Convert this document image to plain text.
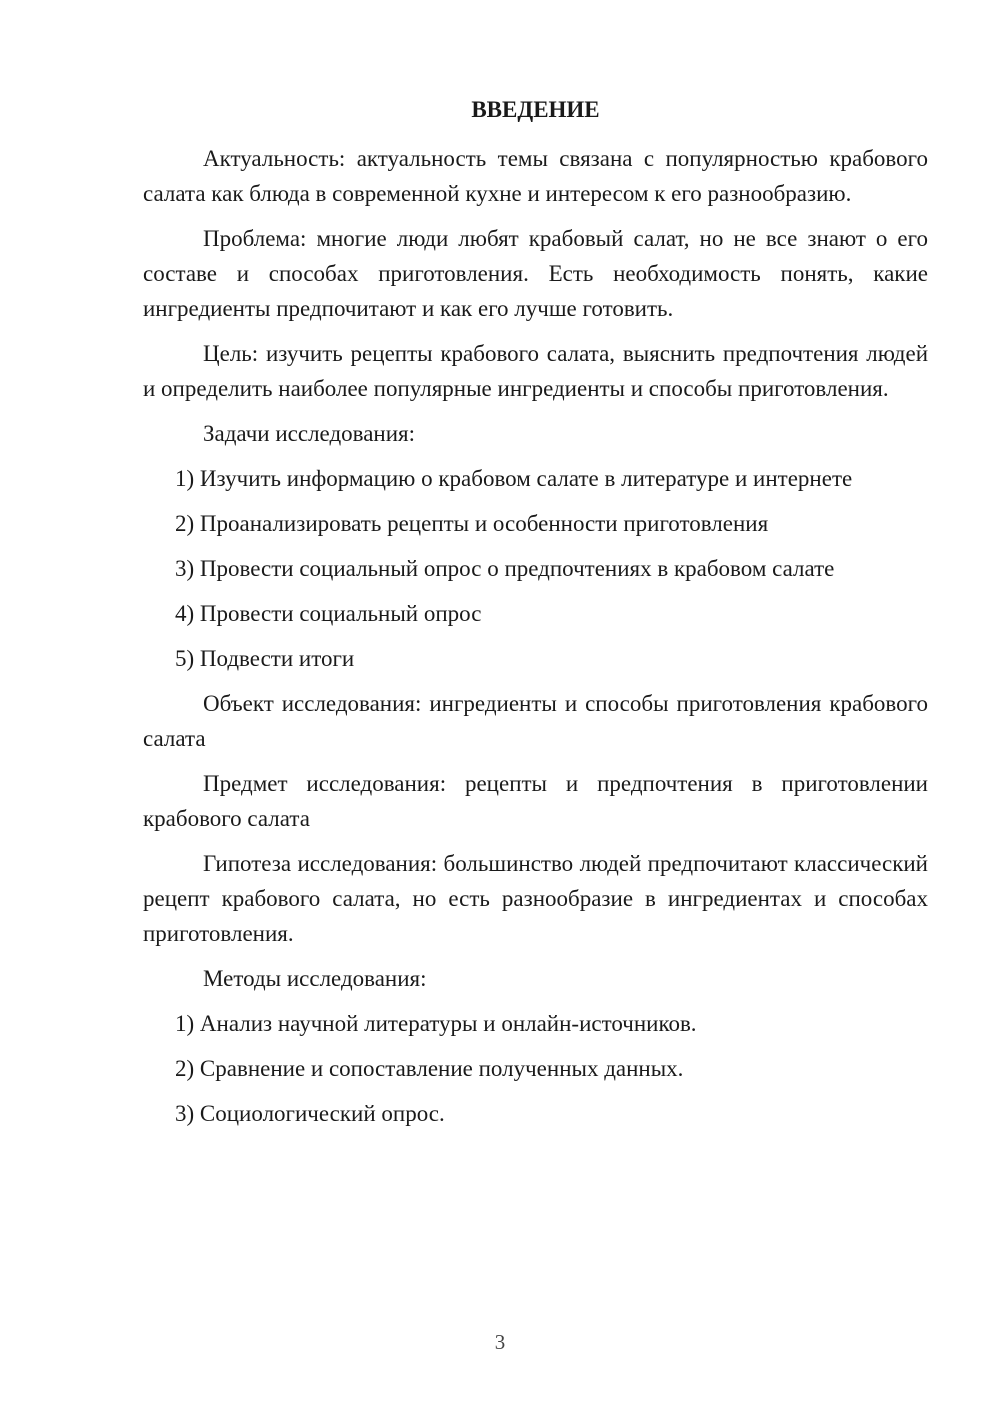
ВВЕДЕНИЕ

Актуальность: актуальность темы связана с популярностью крабового салата как блюда в современной кухне и интересом к его разнообразию.

Проблема: многие люди любят крабовый салат, но не все знают о его составе и способах приготовления. Есть необходимость понять, какие ингредиенты предпочитают и как его лучше готовить.

Цель: изучить рецепты крабового салата, выяснить предпочтения людей и определить наиболее популярные ингредиенты и способы приготовления.

Задачи исследования:

1) Изучить информацию о крабовом салате в литературе и интернете
2) Проанализировать рецепты и особенности приготовления
3) Провести социальный опрос о предпочтениях в крабовом салате
4) Провести социальный опрос
5) Подвести итоги

Объект исследования: ингредиенты и способы приготовления крабового салата

Предмет исследования: рецепты и предпочтения в приготовлении крабового салата

Гипотеза исследования: большинство людей предпочитают классический рецепт крабового салата, но есть разнообразие в ингредиентах и способах приготовления.

Методы исследования:

1) Анализ научной литературы и онлайн-источников.
2) Сравнение и сопоставление полученных данных.
3) Социологический опрос.
3
